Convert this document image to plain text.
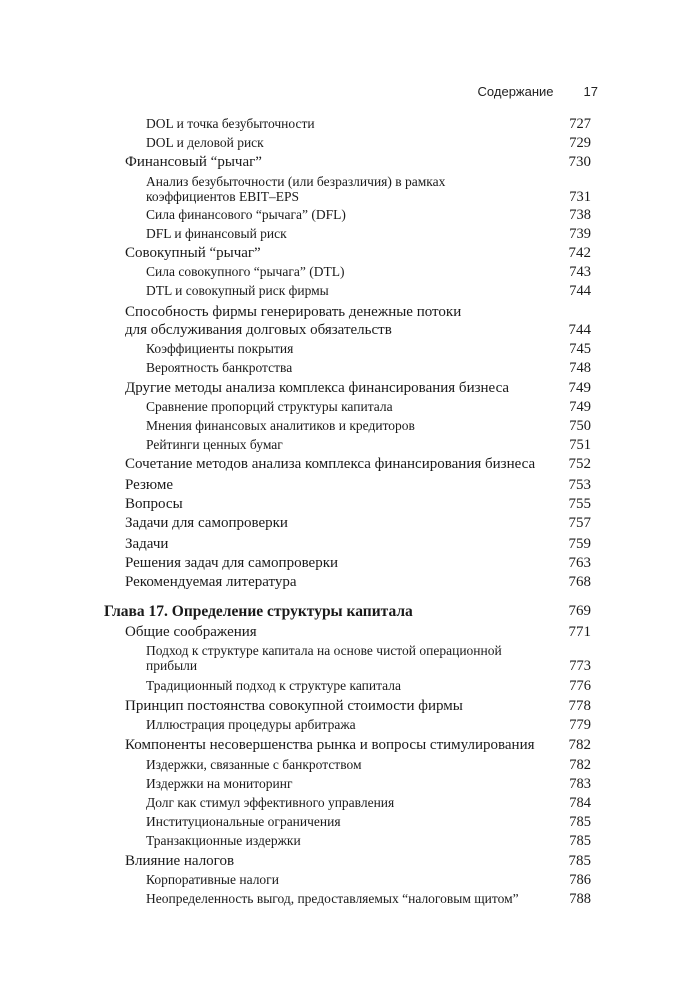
Содержание 17
DOL и точка безубыточности	727
DOL и деловой риск	729
Финансовый “рычаг”	730
Анализ безубыточности (или безразличия) в рамках коэффициентов EBIT–EPS	731
Сила финансового “рычага” (DFL)	738
DFL и финансовый риск	739
Совокупный “рычаг”	742
Сила совокупного “рычага” (DTL)	743
DTL и совокупный риск фирмы	744
Способность фирмы генерировать денежные потоки для обслуживания долговых обязательств	744
Коэффициенты покрытия	745
Вероятность банкротства	748
Другие методы анализа комплекса финансирования бизнеса	749
Сравнение пропорций структуры капитала	749
Мнения финансовых аналитиков и кредиторов	750
Рейтинги ценных бумаг	751
Сочетание методов анализа комплекса финансирования бизнеса 752
Резюме	753
Вопросы	755
Задачи для самопроверки	757
Задачи	759
Решения задач для самопроверки	763
Рекомендуемая литература	768
Глава 17. Определение структуры капитала	769
Общие соображения	771
Подход к структуре капитала на основе чистой операционной прибыли	773
Традиционный подход к структуре капитала	776
Принцип постоянства совокупной стоимости фирмы	778
Иллюстрация процедуры арбитража	779
Компоненты несовершенства рынка и вопросы стимулирования 782
Издержки, связанные с банкротством	782
Издержки на мониторинг	783
Долг как стимул эффективного управления	784
Институциональные ограничения	785
Транзакционные издержки	785
Влияние налогов	785
Корпоративные налоги	786
Неопределенность выгод, предоставляемых “налоговым щитом”	788
